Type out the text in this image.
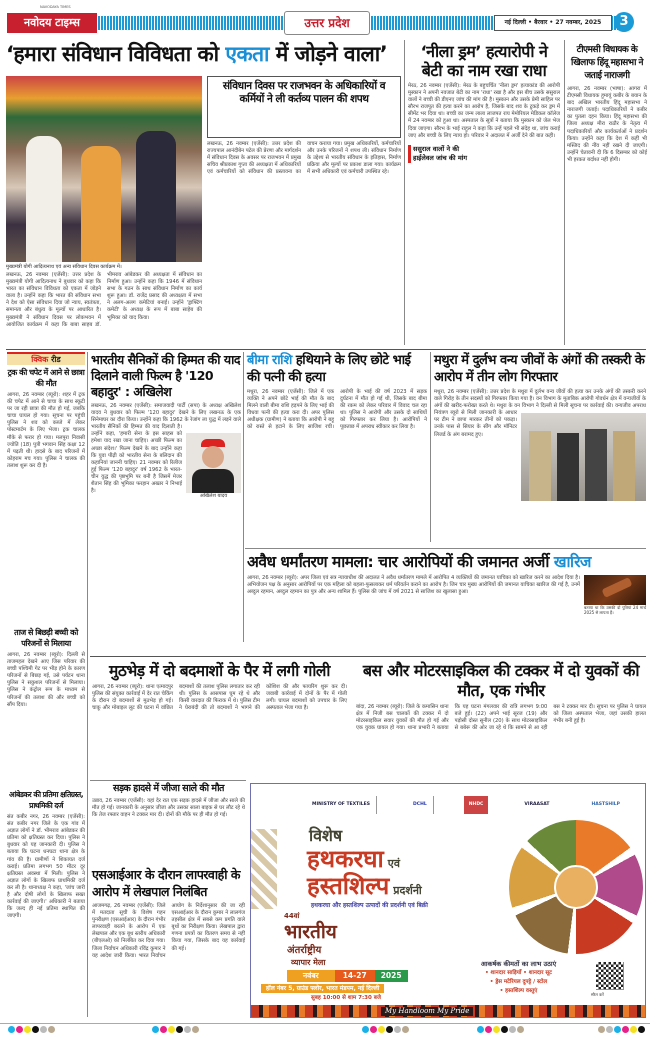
NAVODAYA TIMES
नवोदय टाइम्स	उत्तर प्रदेश	नई दिल्ली • बैरवार • 27 नवम्बर, 2025	3
‘हमारा संविधान विविधता को एकता में जोड़ने वाला’
मुख्यमंत्री योगी आदित्यनाथ एवं अन्य संविधान दिवस कार्यक्रम में।
लखनऊ, 26 नवम्बर (एजेंसी): उत्तर प्रदेश के मुख्यमंत्री योगी आदित्यनाथ ने बुधवार को कहा कि भारत का संविधान विविधता को एकता में जोड़ने वाला है। उन्होंने कहा कि भारत की संविधान सभा ने देश को ऐसा संविधान दिया जो न्याय, स्वतंत्रता, समानता और बंधुत्व के मूल्यों पर आधारित है। मुख्यमंत्री ने संविधान दिवस पर लोकभवन में आयोजित कार्यक्रम में कहा कि बाबा साहब डॉ. भीमराव आंबेडकर की अध्यक्षता में संविधान का निर्माण हुआ। उन्होंने कहा कि 1946 में संविधान सभा के गठन के साथ संविधान निर्माण का कार्य शुरू हुआ। डॉ. राजेंद्र प्रसाद की अध्यक्षता में सभा ने अलग-अलग कमेटियां बनाईं। उन्होंने 'ड्राफ्टिंग कमेटी' के अध्यक्ष के रूप में बाबा साहेब की भूमिका को याद किया।
संविधान दिवस पर राजभवन के अधिकारियों व कर्मियों ने ली कर्तव्य पालन की शपथ
लखनऊ, 26 नवम्बर (एजेंसी): उत्तर प्रदेश की राज्यपाल आनंदीबेन पटेल की प्रेरणा और मार्गदर्शन में संविधान दिवस के अवसर पर राजभवन में प्रमुख सचिव श्रीप्रकाश गुप्ता की अध्यक्षता में अधिकारियों एवं कर्मचारियों को संविधान की प्रस्तावना का वाचन कराया गया। प्रमुख अधिकारियों, कर्मचारियों और उनके परिजनों ने शपथ ली। संविधान निर्माण के उद्देश्य से भारतीय संविधान के इतिहास, निर्माण प्रक्रिया और मूल्यों पर प्रकाश डाला गया। कार्यक्रम में सभी अधिकारी एवं कर्मचारी उपस्थित रहे।
‘नीला ड्रम’ हत्यारोपी ने बेटी का नाम रखा राधा
ससुराल वालों ने की हाईलेवल जांच की मांग
मेरठ, 26 नवम्बर (एजेंसी): मेरठ के बहुचर्चित 'नीला ड्रम' हत्याकांड की आरोपी मुस्कान ने अपनी नवजात बेटी का नाम 'राधा' रखा है और इस बीच उसके ससुराल वालों ने बच्ची की डीएनए जांच की मांग की है। मुस्कान और उसके प्रेमी साहिल पर सौरभ राजपूत की हत्या करने का आरोप है, जिसके बाद शव के टुकड़े कर ड्रम में सीमेंट भर दिया था। बच्ची का जन्म लाला लाजपत राय मेमोरियल मेडिकल कॉलेज में 24 नवम्बर को हुआ था। अस्पताल के सूत्रों ने बताया कि मुस्कान को जेल भेज दिया जाएगा। सौरभ के भाई राहुल ने कहा कि उन्हें पहले भी संदेह था, जांच कराई जाए और बच्ची के लिए न्याय हो। परिवार ने अदालत में अर्जी देने की बात कही।
टीएमसी विधायक के खिलाफ हिंदू महासभा ने जताई नाराजगी
आगरा, 26 नवम्बर (भाषा): आगरा में टीएमसी विधायक हुमायूं कबीर के बयान के बाद अखिल भारतीय हिंदू महासभा ने नाराजगी जताई। पदाधिकारियों ने कबीर का पुतला दहन किया। हिंदू महासभा की जिला अध्यक्ष मीरा राठौर के नेतृत्व में पदाधिकारियों और कार्यकर्ताओं ने प्रदर्शन किया। उन्होंने कहा कि देश में कहीं भी मस्जिद की नींव नहीं रखने दी जाएगी। उन्होंने चेतावनी दी कि 6 दिसम्बर को कोई भी हरकत बर्दाश्त नहीं होगी।
क्विक रीड
ट्रक की चपेट में आने से छात्रा की मौत
आगरा, 26 नवम्बर (ब्यूरो): शहर में ट्रक की चपेट में आने से चाचा के साथ स्कूटी पर जा रही छात्रा की मौत हो गई, जबकि चाचा घायल हो गया। सूचना पर पहुंची पुलिस ने शव को कब्जे में लेकर पोस्टमार्टम के लिए भेजा। ट्रक चालक मौके से फरार हो गया। मलपुरा निवासी ज्योति (18) पुत्री भगवान सिंह कक्षा 12 में पढ़ती थी। हादसे के बाद परिजनों में कोहराम मच गया। पुलिस ने चालक की तलाश शुरू कर दी है।
ताज से बिछड़ी बच्ची को परिजनों से मिलाया
आगरा, 26 नवम्बर (ब्यूरो): दिल्ली से ताजमहल देखने आए जिस परिवार की बच्ची पश्चिमी गेट पर भीड़ होने के कारण परिजनों से बिछड़ गई, उसे पर्यटन थाना पुलिस ने सकुशल परिजनों से मिलाया। पुलिस ने कंट्रोल रूम के माध्यम से परिजनों की तलाश की और बच्ची को सौंप दिया।
आंबेडकर की प्रतिमा क्षतिग्रस्त, प्राथमिकी दर्ज
संत कबीर नगर, 26 नवम्बर (एजेंसी): संत कबीर नगर जिले के एक गांव में अज्ञात लोगों ने डॉ. भीमराव आंबेडकर की प्रतिमा को क्षतिग्रस्त कर दिया। पुलिस ने बुधवार को यह जानकारी दी। पुलिस ने बताया कि घटना धनघटा थाना क्षेत्र के गांव की है। ग्रामीणों ने शिकायत दर्ज कराई। प्रतिमा लगभग 50 मीटर दूर क्षतिग्रस्त अवस्था में मिली। पुलिस ने अज्ञात लोगों के खिलाफ प्राथमिकी दर्ज कर ली है। थानाध्यक्ष ने कहा, 'जांच जारी है और दोषी लोगों के खिलाफ सख्त कार्रवाई की जाएगी।' अधिकारी ने बताया कि जल्द ही नई प्रतिमा स्थापित की जाएगी।
भारतीय सैनिकों की हिम्मत की याद दिलाने वाली फिल्म है '120 बहादुर' : अखिलेश
अखिलेश यादव
लखनऊ, 26 नवम्बर (एजेंसी): समाजवादी पार्टी (सपा) के अध्यक्ष अखिलेश यादव ने बुधवार को फिल्म '120 बहादुर' देखने के लिए लखनऊ के एक सिनेमाघर का दौरा किया। उन्होंने कहा कि 1962 के रेजांग ला युद्ध में लड़ने वाले भारतीय सैनिकों की हिम्मत की याद दिलाती है। उन्होंने कहा, 'हमारी सेना के इस साहस को हमेशा याद रखा जाना चाहिए। अच्छी फिल्म का अच्छा संदेश।' फिल्म देखने के बाद उन्होंने कहा कि युवा पीढ़ी को भारतीय सेना के बलिदान की कहानियां जाननी चाहिए। 21 नवम्बर को रिलीज हुई फिल्म '120 बहादुर' वर्ष 1962 के भारत-चीन युद्ध की पृष्ठभूमि पर बनी है जिसमें मेजर शैतान सिंह की भूमिका फरहान अख्तर ने निभाई है।
बीमा राशि हथियाने के लिए छोटे भाई की पत्नी की हत्या
मथुरा, 26 नवम्बर (एजेंसी): जिले में एक व्यक्ति ने अपने छोटे भाई की मौत के बाद मिलने वाली बीमा राशि हड़पने के लिए भाई की विधवा पत्नी की हत्या करा दी। अपर पुलिस अधीक्षक (ग्रामीण) ने बताया कि आरोपी ने बहू को रास्ते से हटाने के लिए साजिश रची। आरोपी के भाई की वर्ष 2023 में सड़क दुर्घटना में मौत हो गई थी, जिसके बाद बीमा की रकम को लेकर परिवार में विवाद चल रहा था। पुलिस ने आरोपी और उसके दो साथियों को गिरफ्तार कर लिया है। आरोपियों ने पूछताछ में अपराध स्वीकार कर लिया है।
मथुरा में दुर्लभ वन्य जीवों के अंगों की तस्करी के आरोप में तीन लोग गिरफ्तार
मथुरा, 26 नवम्बर (एजेंसी): उत्तर प्रदेश के मथुरा में दुर्लभ वन्य जीवों की हत्या कर उनके अंगों की तस्करी करने वाले गिरोह के तीन सदस्यों को गिरफ्तार किया गया है। वन विभाग के मुताबिक आरोपी गोवर्धन क्षेत्र में वन्यजीवों के अंगों की खरीद-फरोख्त करते थे। मथुरा के वन विभाग ने दिल्ली से मिली सूचना पर कार्रवाई की। वन्यजीव अपराध नियंत्रण ब्यूरो से मिली जानकारी के आधार पर टीम ने छापा मारकर तीनों को पकड़ा। उनके पास से सियार के सींग और मॉनिटर लिजर्ड के अंग बरामद हुए।
अवैध धर्मांतरण मामला: चार आरोपियों की जमानत अर्जी खारिज
बताया था कि उसकी दो पुत्रियां 24 मार्च 2025 से लापता हैं।
आगरा, 26 नवम्बर (ब्यूरो): अपर जिला एवं सत्र न्यायाधीश की अदालत ने अवैध धर्मांतरण मामले में आरोपित 4 व्यक्तियों की जमानत याचिका को खारिज करने का आदेश दिया है। अभियोजन पक्ष के अनुसार आरोपियों पर एक महिला को बहला-फुसलाकर धर्म परिवर्तन कराने का आरोप है। जिन चार मुख्य आरोपियों की जमानत याचिका खारिज की गई है, उनमें अब्दुल रहमान, अब्दुल रहमान का पुत्र और अन्य शामिल हैं। पुलिस की जांच में वर्ष 2021 से साजिश का खुलासा हुआ।
मुठभेड़ में दो बदमाशों के पैर में लगी गोली
आगरा, 26 नवम्बर (ब्यूरो): थाना एत्मादपुर पुलिस की संयुक्त कार्रवाई में देर रात चेकिंग के दौरान दो बदमाशों से मुठभेड़ हो गई। चाकू और मोबाइल लूट की घटना में वांछित बदमाशों की तलाश पुलिस लगातार कर रही थी। पुलिस के आसपास घूम रहे थे और किसी वारदात की फिराक में थे। पुलिस टीम ने घेराबंदी की तो बदमाशों ने भागने की कोशिश की और फायरिंग शुरू कर दी। जवाबी कार्रवाई में दोनों के पैर में गोली लगी। घायल बदमाशों को उपचार के लिए अस्पताल भेजा गया है।
बस और मोटरसाइकिल की टक्कर में दो युवकों की मौत, एक गंभीर
बांदा, 26 नवम्बर (ब्यूरो): जिले के कमासिन थाना क्षेत्र में निजी बस चालकों की टक्कर में दो मोटरसाइकिल सवार युवकों की मौत हो गई और एक युवक घायल हो गया। थाना प्रभारी ने बताया कि यह घटना मंगलवार की रात्रि लगभग 9:00 बजे हुई। (22) अपने भाई सूरज (19) और पड़ोसी दोस्त सुनील (20) के साथ मोटरसाइकिल से बबेरू की ओर जा रहे थे कि सामने से आ रही बस ने टक्कर मार दी। सूचना पर पुलिस ने घायल को जिला अस्पताल भेजा, जहां उसकी हालत गंभीर बनी हुई है।
सड़क हादसे में जीजा साले की मौत
उन्नाव, 26 नवम्बर (एजेंसी): यहां देर रात एक सड़क हादसे में जीजा और साले की मौत हो गई। जानकारी के अनुसार जीजा और उसका साला बाइक से घर लौट रहे थे कि तेज रफ्तार वाहन ने टक्कर मार दी। दोनों की मौके पर ही मौत हो गई।
एसआईआर के दौरान लापरवाही के आरोप में लेखपाल निलंबित
आजमगढ़, 26 नवम्बर (एजेंसी): जिले में मतदाता सूची के विशेष गहन पुनरीक्षण (एसआईआर) के दौरान गंभीर लापरवाही बरतने के आरोप में एक लेखपाल और एक बूथ स्तरीय अधिकारी (बीएलओ) को निलंबित कर दिया गया। जिला निर्वाचन अधिकारी रविंद्र कुमार ने यह आदेश जारी किया। भारत निर्वाचन आयोग के निर्देशानुसार की जा रही एसआईआर के दौरान कुमार ने लालगंज तहसील क्षेत्र में सबसे कम प्रगति वाले बूथों का निरीक्षण किया। लेखपाल द्वारा गणना प्रपत्रों का वितरण समय से नहीं किया गया, जिसके बाद यह कार्रवाई की गई।
MINISTRY OF TEXTILES	DCHL	NHDC	VIRAASAT	HASTSHILP
विशेष
हथकरघा एवं
हस्तशिल्प प्रदर्शनी
हथकरघा और हस्तशिल्प उत्पादों की प्रदर्शनी एवं बिक्री
44वां
भारतीय
अंतर्राष्ट्रीय
व्यापार मेला
नवंबर	14-27	2025
हॉल नंबर 5, ग्राउंड फ्लोर, भारत मंडपम, नई दिल्ली
सुबह 10:00 से शाम 7:30 बजे
आकर्षक कीमतों का लाभ उठाएं
• शानदार साड़ियाँ • शानदार सूट
• ड्रेस मटेरियल दुपट्टे / स्टोल
• हस्तशिल्प वस्तुएं
स्कैन करें
My Handloom My Pride
